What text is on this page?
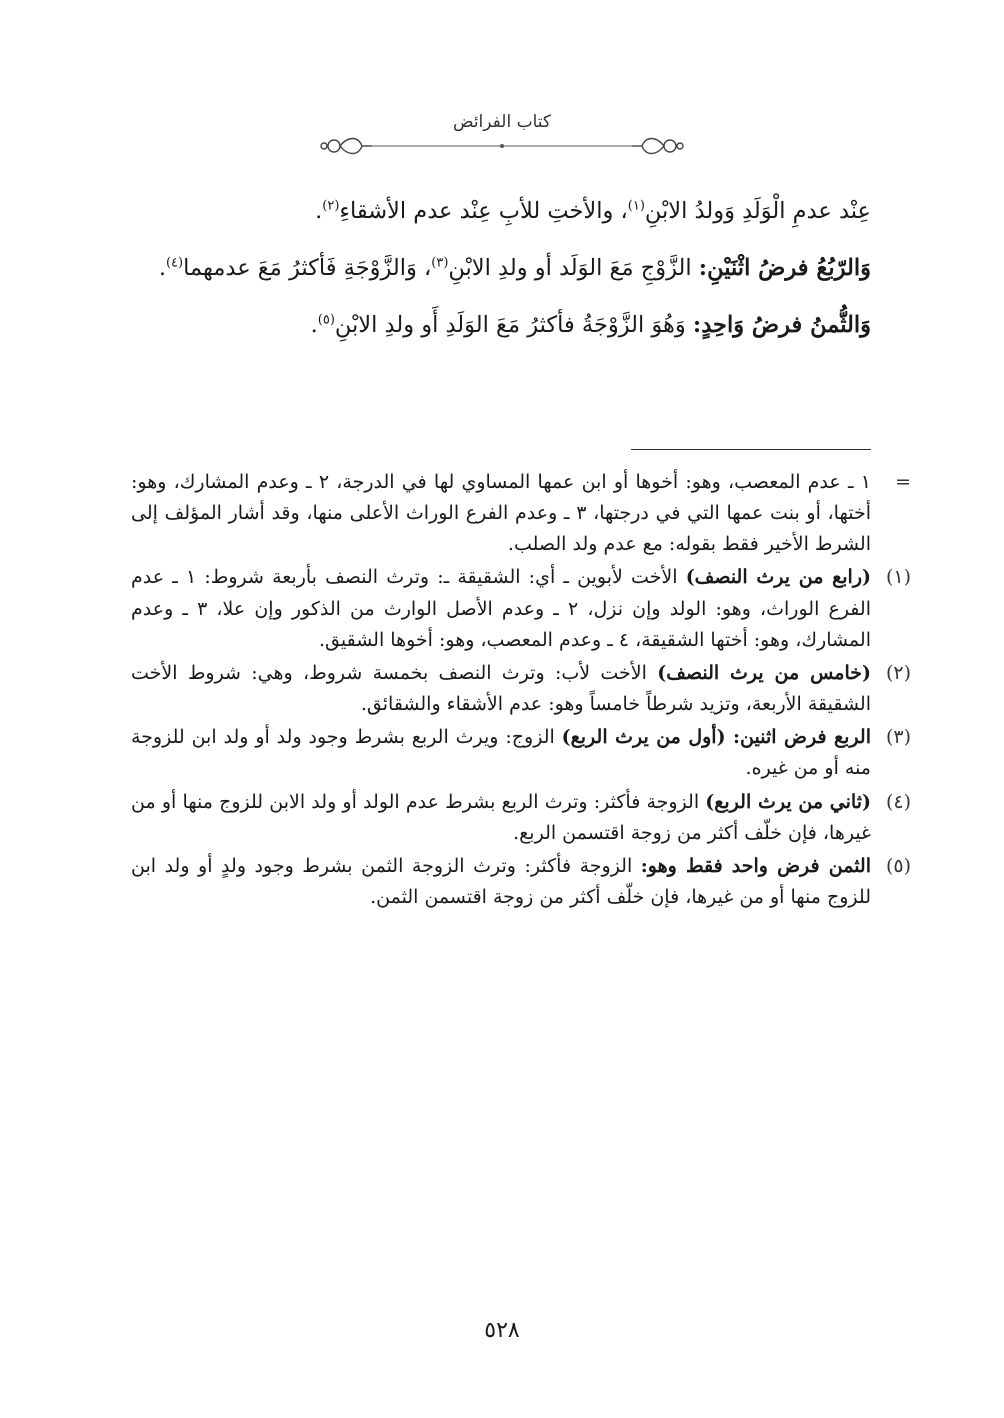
كتاب الفرائض

عِنْد عدمِ الْوَلَدِ وَولدُ الابْنِ$^{(١)}$، والأختِ للأبِ عِنْد عدم الأشقاءِ$^{(٢)}$.

وَالرّبُعُ فرضُ اثْنَيْنِ: الزَّوْجِ مَعَ الوَلَد أو ولدِ الابْنِ$^{(٣)}$، وَالزَّوْجَةِ فَأكثرُ مَعَ عدمهما$^{(٤)}$.

وَالثُّمنُ فرضُ وَاحِدٍ: وَهُوَ الزَّوْجَةُ فأكثرُ مَعَ الوَلَدِ أَو ولدِ الابْنِ$^{(٥)}$.

=
١ ـ عدم المعصب، وهو: أخوها أو ابن عمها المساوي لها في الدرجة، ٢ ـ وعدم المشارك، وهو: أختها، أو بنت عمها التي في درجتها، ٣ ـ وعدم الفرع الوراث الأعلى منها، وقد أشار المؤلف إلى الشرط الأخير فقط بقوله: مع عدم ولد الصلب.
(١)
(رابع من يرث النصف) الأخت لأبوين ـ أي: الشقيقة ـ: وترث النصف بأربعة شروط: ١ ـ عدم الفرع الوراث، وهو: الولد وإن نزل، ٢ ـ وعدم الأصل الوارث من الذكور وإن علا، ٣ ـ وعدم المشارك، وهو: أختها الشقيقة، ٤ ـ وعدم المعصب، وهو: أخوها الشقيق.
(٢)
(خامس من يرث النصف) الأخت لأب: وترث النصف بخمسة شروط، وهي: شروط الأخت الشقيقة الأربعة، وتزيد شرطاً خامساً وهو: عدم الأشقاء والشقائق.
(٣)
الربع فرض اثنين: (أول من يرث الربع) الزوج: ويرث الربع بشرط وجود ولد أو ولد ابن للزوجة منه أو من غيره.
(٤)
(ثاني من يرث الربع) الزوجة فأكثر: وترث الربع بشرط عدم الولد أو ولد الابن للزوج منها أو من غيرها، فإن خلّف أكثر من زوجة اقتسمن الربع.
(٥)
الثمن فرض واحد فقط وهو: الزوجة فأكثر: وترث الزوجة الثمن بشرط وجود ولدٍ أو ولد ابن للزوج منها أو من غيرها، فإن خلّف أكثر من زوجة اقتسمن الثمن.
٥٢٨
